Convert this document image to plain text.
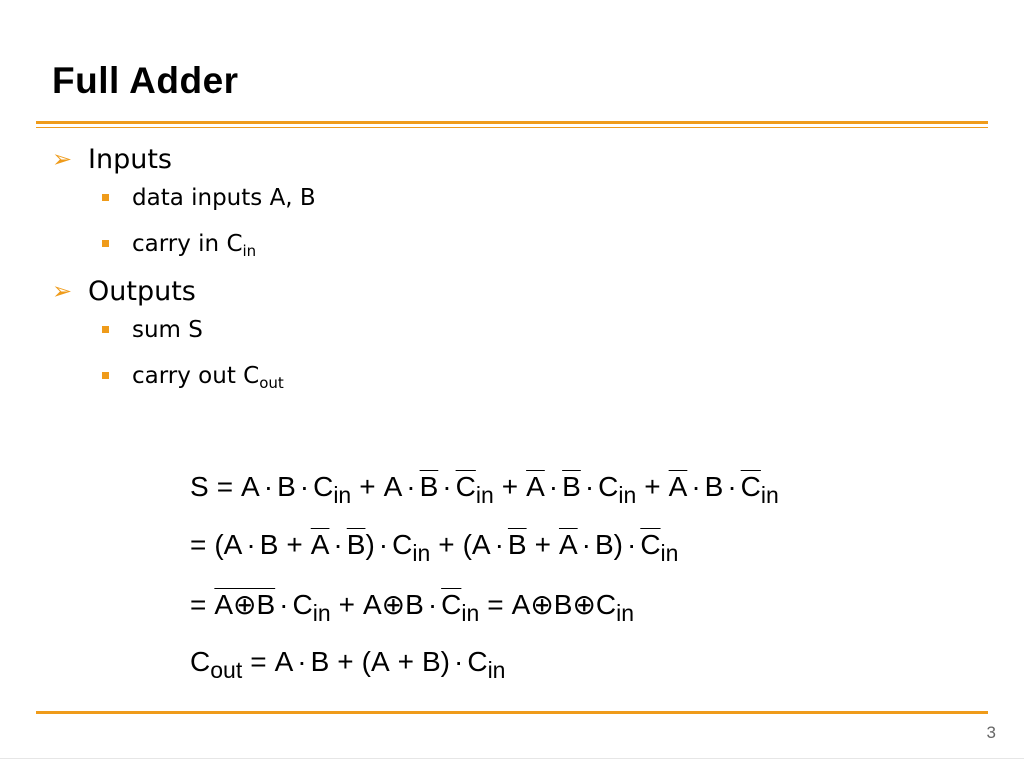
Full Adder
➢ Inputs
data inputs A, B
carry in $C_{in}$
➢ Outputs
sum S
carry out $C_{out}$
$S = A \cdot B \cdot C_{in} + A \cdot \overline{B} \cdot \overline{C}_{in} + \overline{A} \cdot \overline{B} \cdot C_{in} + \overline{A} \cdot B \cdot \overline{C}_{in}$
= $(A \cdot B + \overline{A} \cdot \overline{B}) \cdot C_{in} + (A \cdot \overline{B} + \overline{A} \cdot B) \cdot \overline{C}_{in}$
= A⊕B · $C_{in}$ + A⊕B · $\overline{C}_{in}$ = $A\oplus B\oplus C_{in}$
$C_{out} = A \cdot B + (A + B) \cdot C_{in}$
3
